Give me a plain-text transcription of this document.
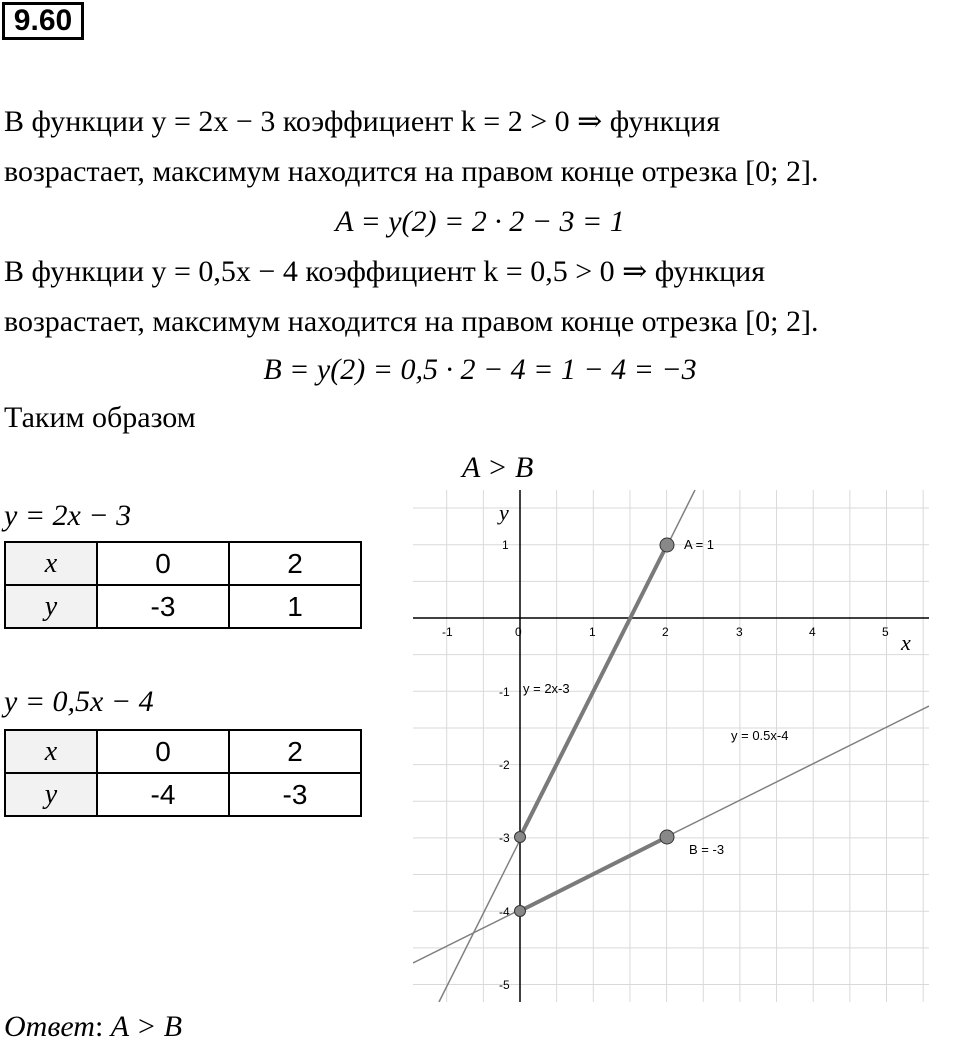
9.60
В функции y = 2x − 3 коэффициент k = 2 > 0 ⇒ функция
возрастает, максимум находится на правом конце отрезка [0; 2].
A = y(2) = 2 · 2 − 3 = 1
В функции y = 0,5x − 4 коэффициент k = 0,5 > 0 ⇒ функция
возрастает, максимум находится на правом конце отрезка [0; 2].
B = y(2) = 0,5 · 2 − 4 = 1 − 4 = −3
Таким образом
A > B
y = 2x − 3
x	0	2
y	-3	1
y = 0,5x − 4
x	0	2
y	-4	-3
-1	0	1	2	3	4	5
1
-1
-2
-3
-4
-5
x
y
A = 1
B = -3
y = 2x-3
y = 0.5x-4
Ответ: A > B
